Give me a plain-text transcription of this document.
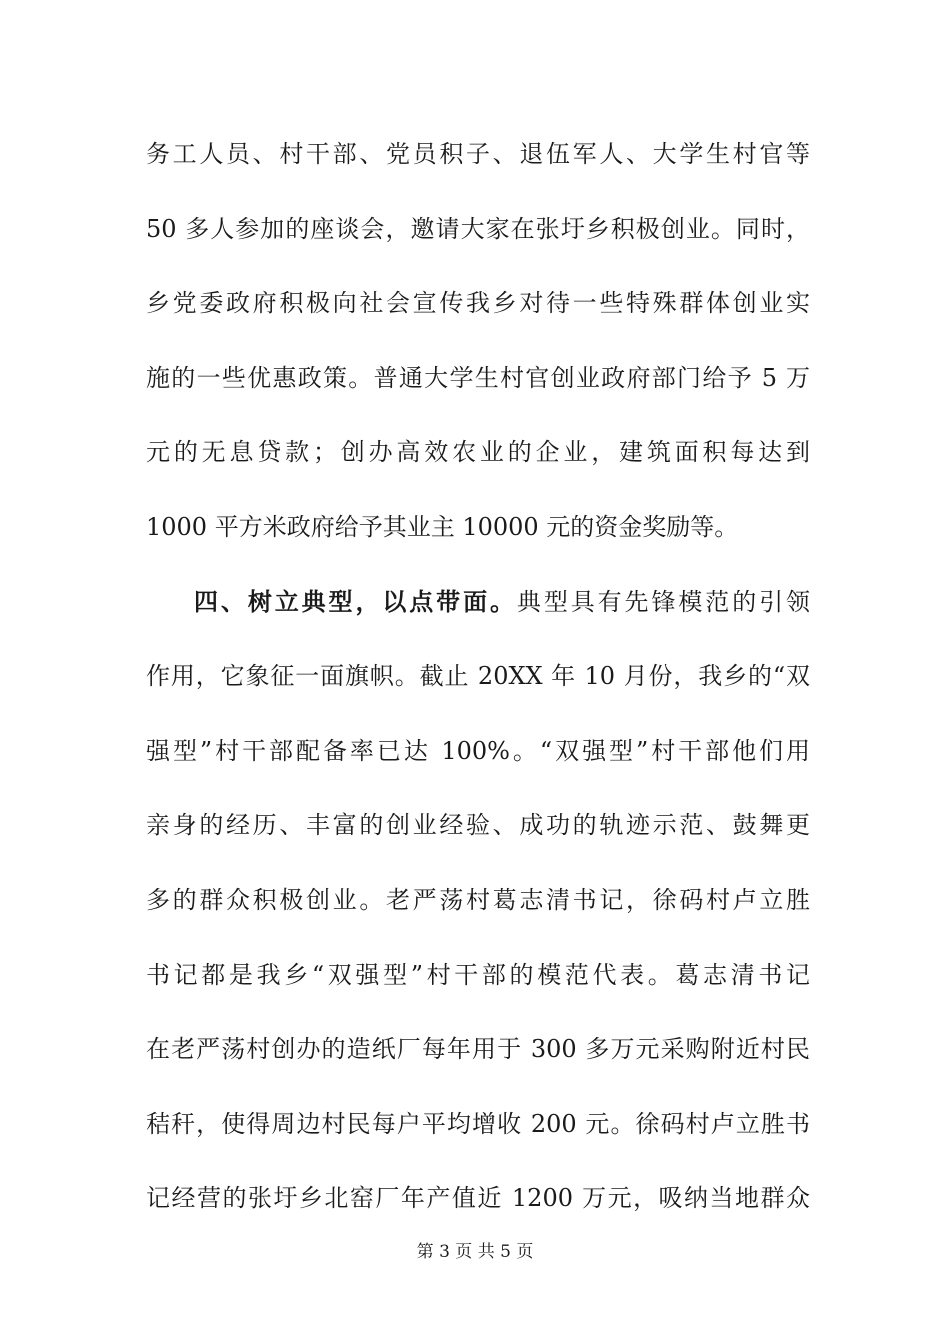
务工人员、村干部、党员积子、退伍军人、大学生村官等
50 多人参加的座谈会，邀请大家在张圩乡积极创业。同时，
乡党委政府积极向社会宣传我乡对待一些特殊群体创业实
施的一些优惠政策。普通大学生村官创业政府部门给予 5 万
元的无息贷款；创办高效农业的企业，建筑面积每达到
1000 平方米政府给予其业主 10000 元的资金奖励等。
四、树立典型，以点带面。典型具有先锋模范的引领
作用，它象征一面旗帜。截止 20XX 年 10 月份，我乡的“双
强型”村干部配备率已达 100%。“双强型”村干部他们用
亲身的经历、丰富的创业经验、成功的轨迹示范、鼓舞更
多的群众积极创业。老严荡村葛志清书记，徐码村卢立胜
书记都是我乡“双强型”村干部的模范代表。葛志清书记
在老严荡村创办的造纸厂每年用于 300 多万元采购附近村民
秸秆，使得周边村民每户平均增收 200 元。徐码村卢立胜书
记经营的张圩乡北窑厂年产值近 1200 万元，吸纳当地群众
第 3 页 共 5 页
